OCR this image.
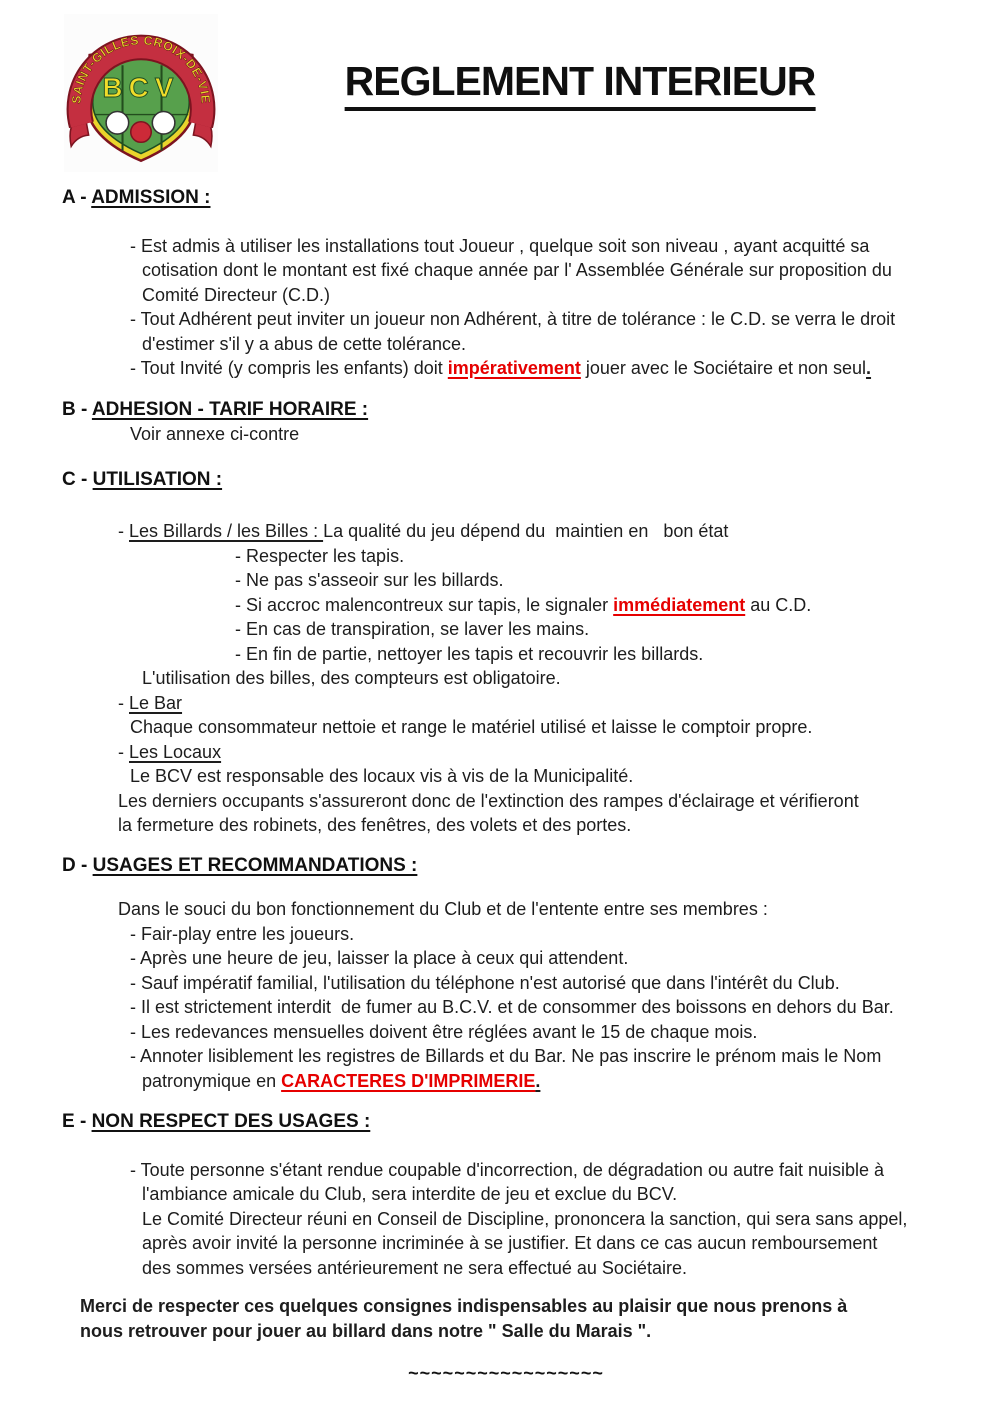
SAINT-GILLES CROIX-DE-VIE
BCV	REGLEMENT INTERIEUR
A - ADMISSION :
- Est admis à utiliser les installations tout Joueur , quelque soit son niveau , ayant acquitté sa
cotisation dont le montant est fixé chaque année par l' Assemblée Générale sur proposition du
Comité Directeur (C.D.)
- Tout Adhérent peut inviter un joueur non Adhérent, à titre de tolérance : le C.D. se verra le droit
d'estimer s'il y a abus de cette tolérance.
- Tout Invité (y compris les enfants) doit impérativement jouer avec le Sociétaire et non seul.
B - ADHESION - TARIF HORAIRE :
Voir annexe ci-contre
C - UTILISATION :
- Les Billards / les Billes : La qualité du jeu dépend du  maintien en   bon état
- Respecter les tapis.
- Ne pas s'asseoir sur les billards.
- Si accroc malencontreux sur tapis, le signaler immédiatement au C.D.
- En cas de transpiration, se laver les mains.
- En fin de partie, nettoyer les tapis et recouvrir les billards.
L'utilisation des billes, des compteurs est obligatoire.
- Le Bar
Chaque consommateur nettoie et range le matériel utilisé et laisse le comptoir propre.
- Les Locaux
Le BCV est responsable des locaux vis à vis de la Municipalité.
Les derniers occupants s'assureront donc de l'extinction des rampes d'éclairage et vérifieront
la fermeture des robinets, des fenêtres, des volets et des portes.
D - USAGES ET RECOMMANDATIONS :
Dans le souci du bon fonctionnement du Club et de l'entente entre ses membres :
- Fair-play entre les joueurs.
- Après une heure de jeu, laisser la place à ceux qui attendent.
- Sauf impératif familial, l'utilisation du téléphone n'est autorisé que dans l'intérêt du Club.
- Il est strictement interdit  de fumer au B.C.V. et de consommer des boissons en dehors du Bar.
- Les redevances mensuelles doivent être réglées avant le 15 de chaque mois.
- Annoter lisiblement les registres de Billards et du Bar. Ne pas inscrire le prénom mais le Nom
patronymique en CARACTERES D'IMPRIMERIE.
E - NON RESPECT DES USAGES :
- Toute personne s'étant rendue coupable d'incorrection, de dégradation ou autre fait nuisible à
l'ambiance amicale du Club, sera interdite de jeu et exclue du BCV.
Le Comité Directeur réuni en Conseil de Discipline, prononcera la sanction, qui sera sans appel,
après avoir invité la personne incriminée à se justifier. Et dans ce cas aucun remboursement
des sommes versées antérieurement ne sera effectué au Sociétaire.
Merci de respecter ces quelques consignes indispensables au plaisir que nous prenons à
nous retrouver pour jouer au billard dans notre " Salle du Marais ".
~~~~~~~~~~~~~~~~~
